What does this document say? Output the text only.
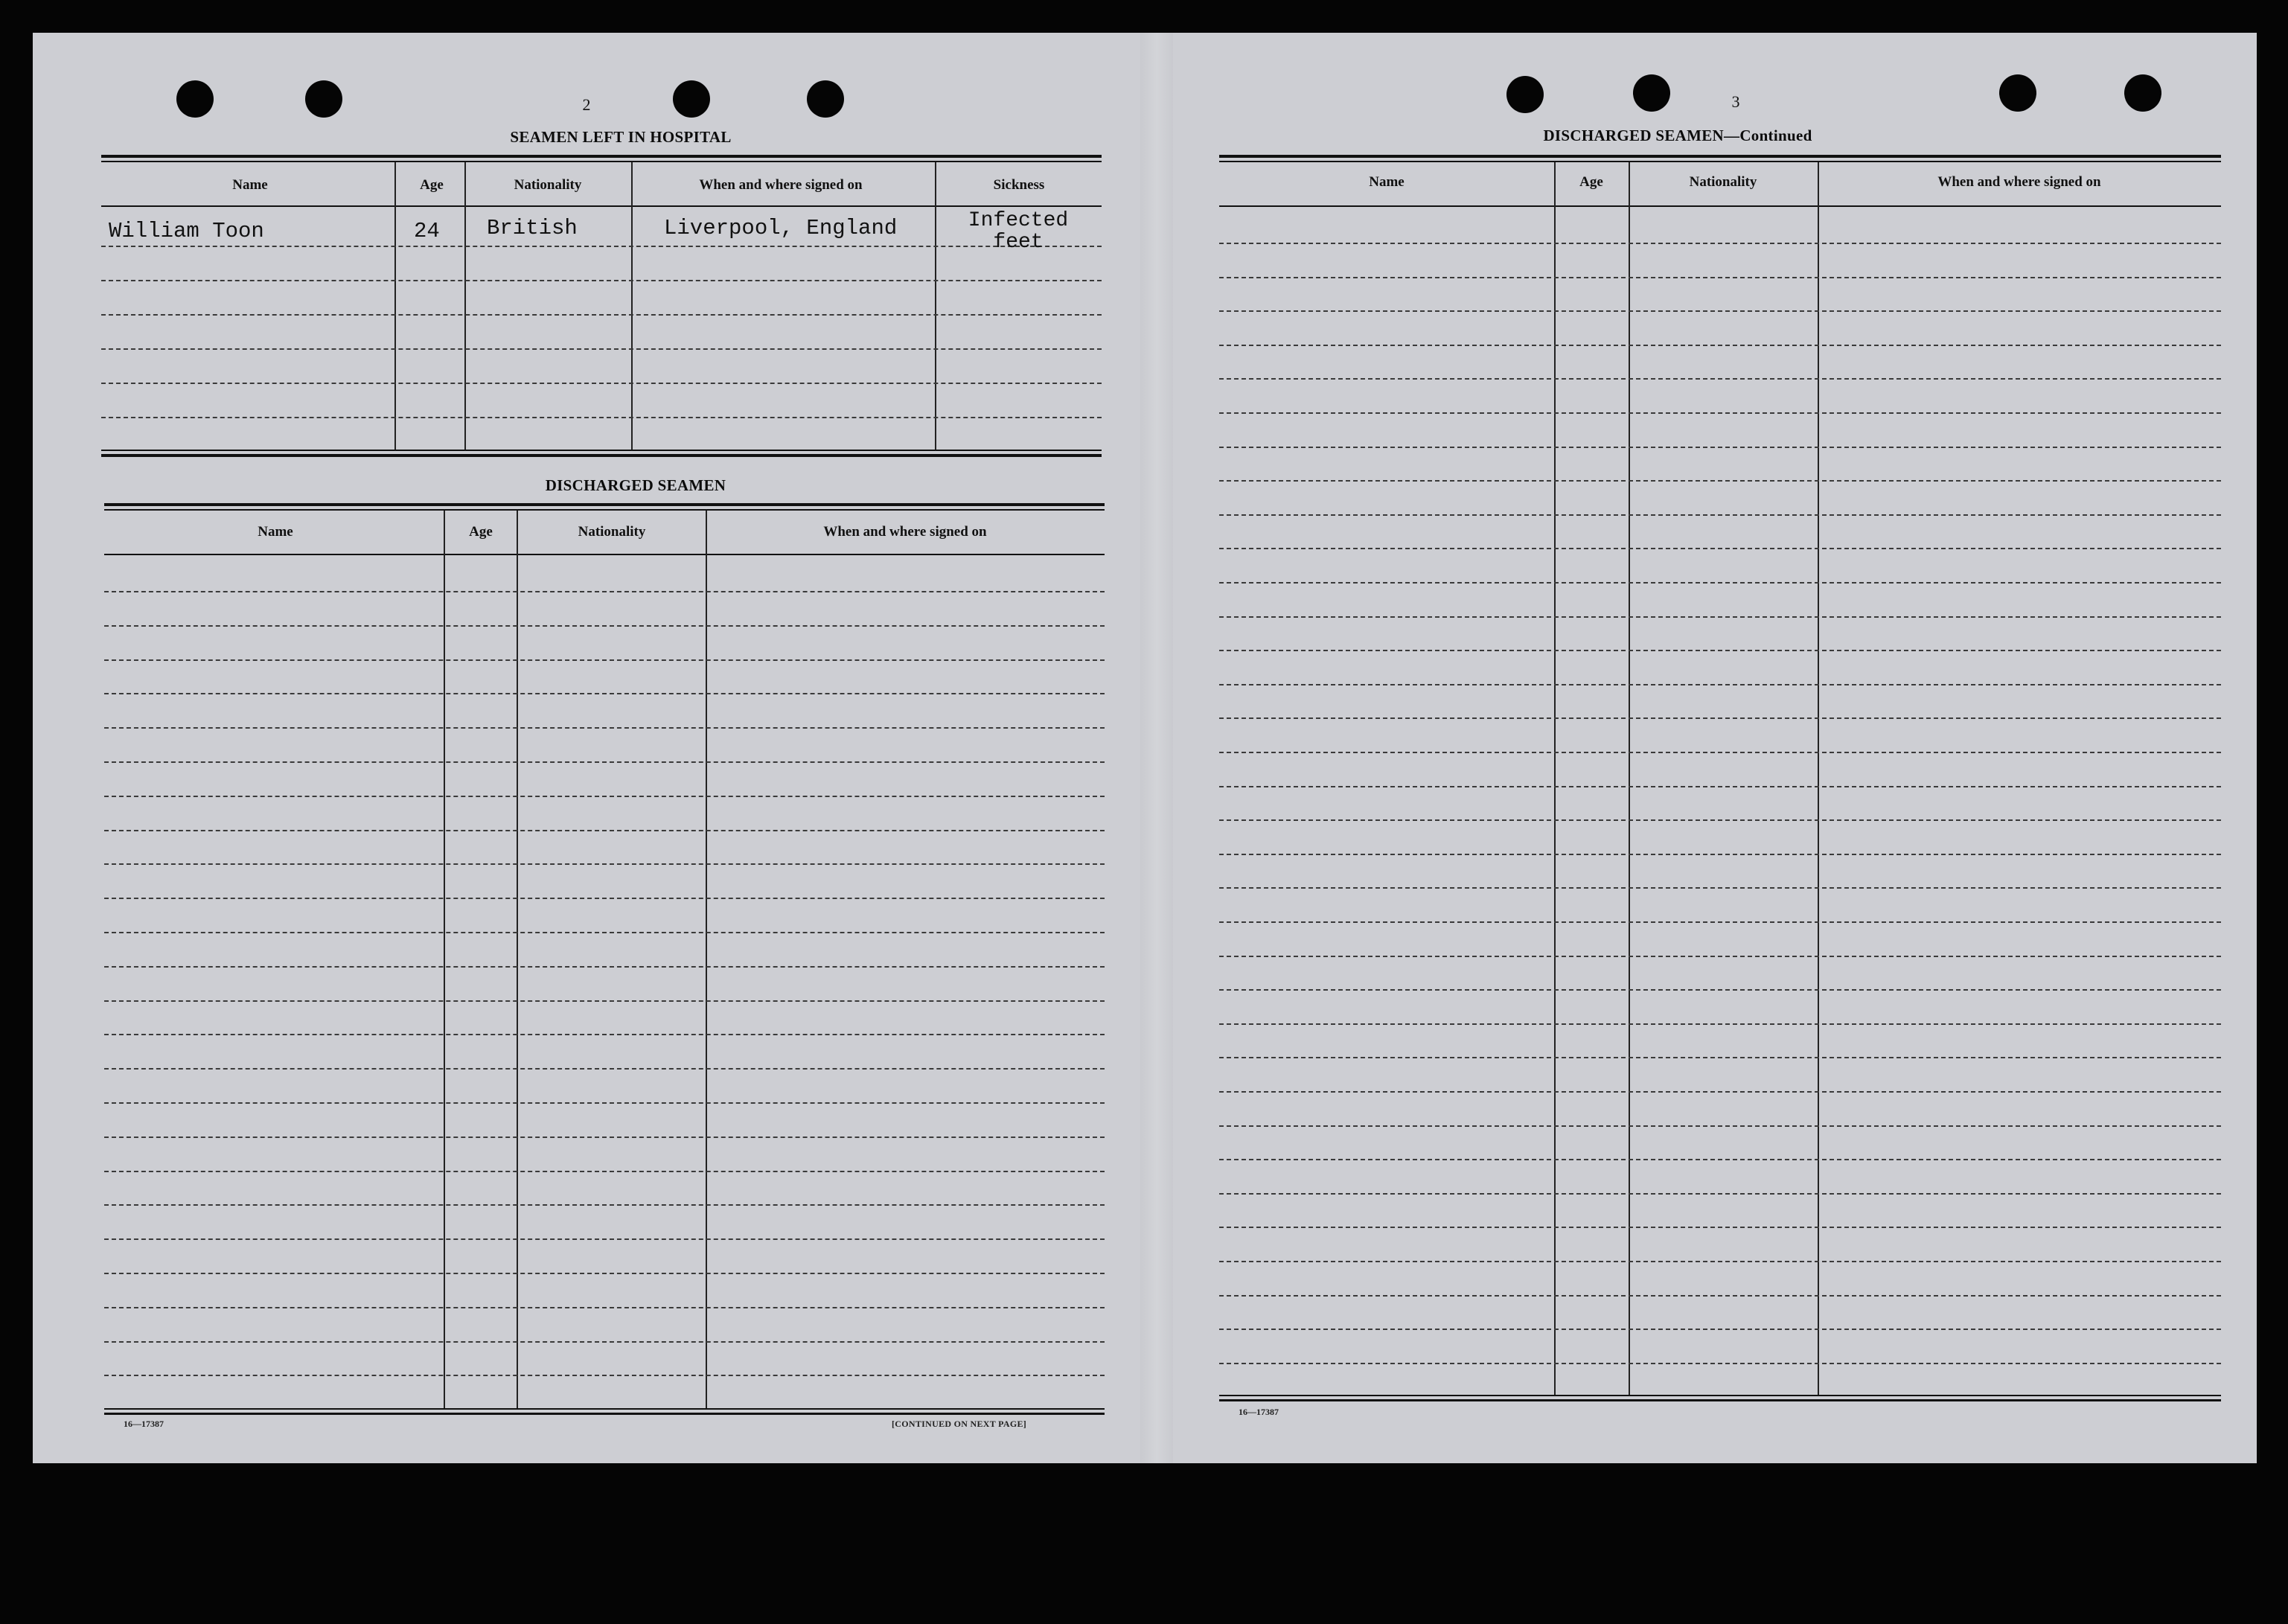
2
SEAMEN LEFT IN HOSPITAL
Name	Age	Nationality	When and where signed on	Sickness
William Toon	24 British	Liverpool, England	Infected
feet
DISCHARGED SEAMEN
Name	Age	Nationality	When and where signed on
16—17387	[CONTINUED ON NEXT PAGE]
3
DISCHARGED SEAMEN—Continued
Name	Age	Nationality	When and where signed on
16—17387
